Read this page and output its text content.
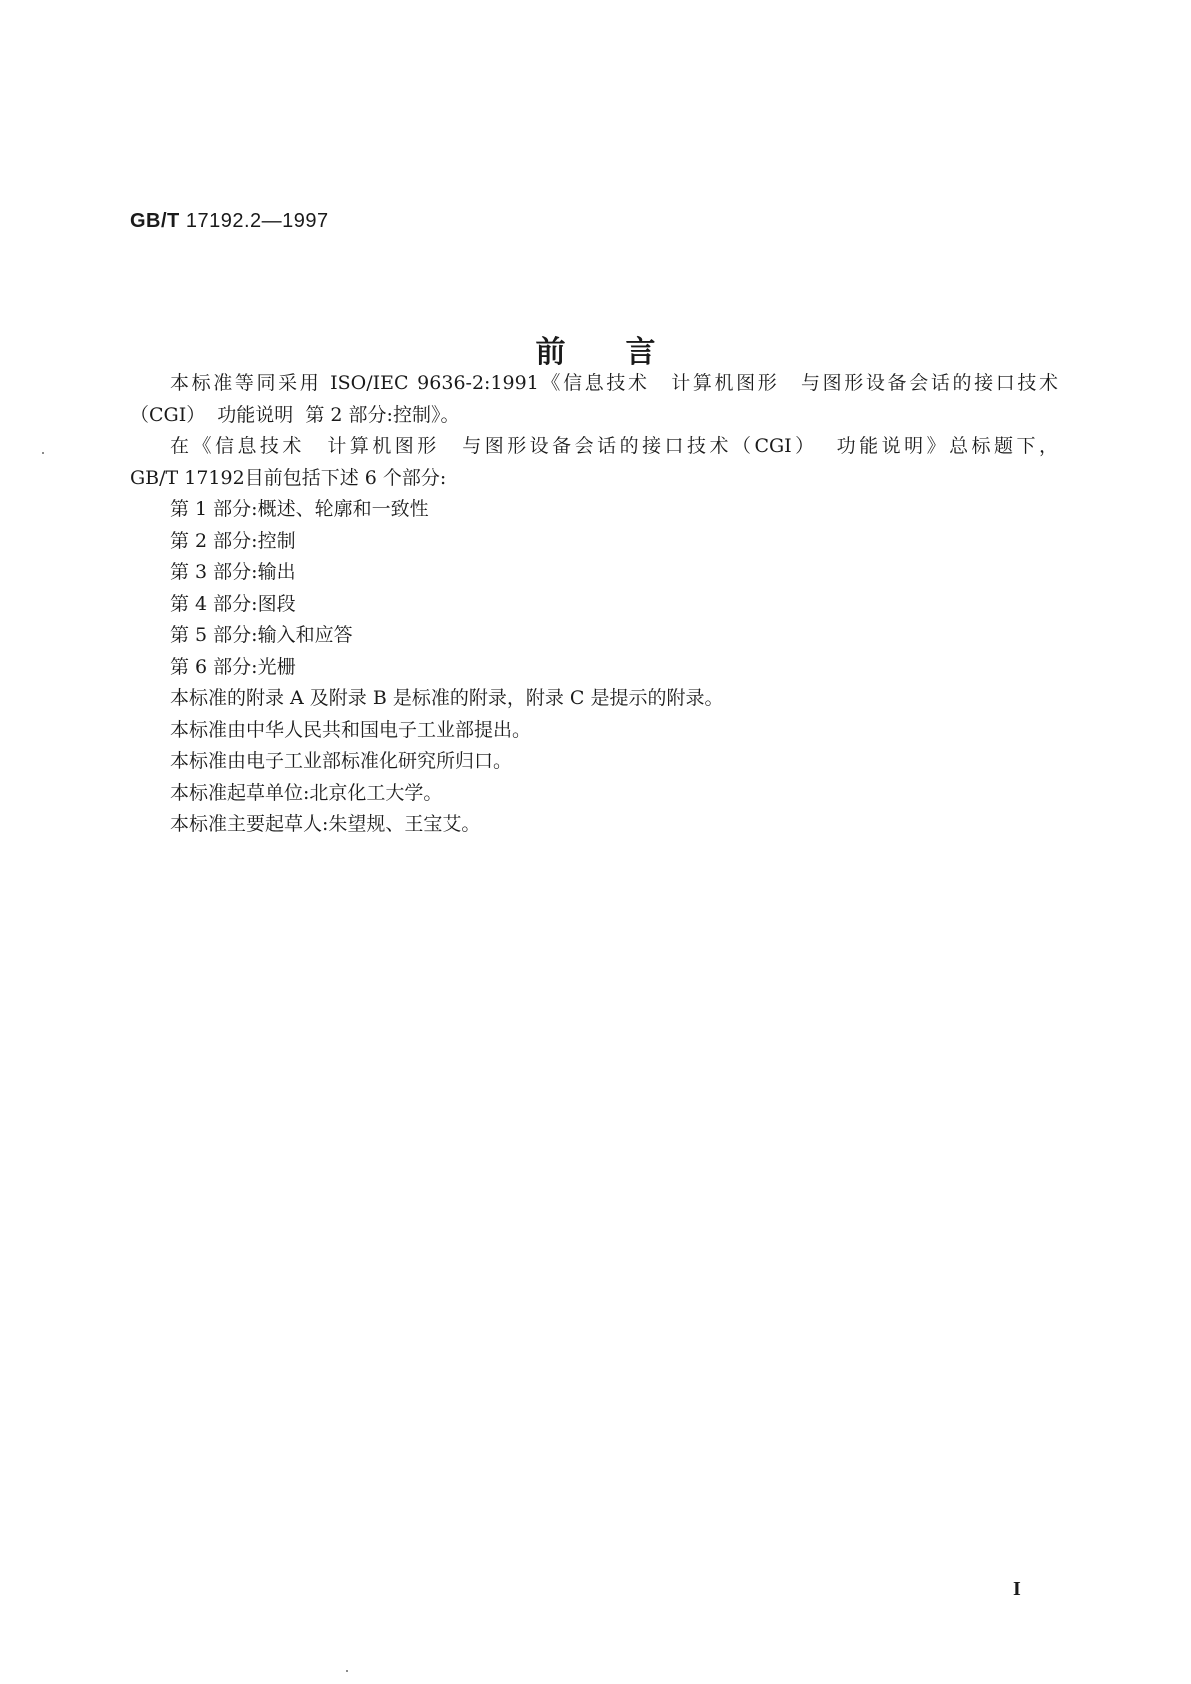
GB/T 17192.2—1997
前　　言
本标准等同采用 ISO/IEC 9636-2:1991《信息技术　计算机图形　与图形设备会话的接口技术
（CGI）  功能说明  第 2 部分:控制》。
在《信息技术　计算机图形　与图形设备会话的接口技术（CGI）  功能说明》总标题下，
GB/T 17192目前包括下述 6 个部分:
第 1 部分:概述、轮廓和一致性
第 2 部分:控制
第 3 部分:输出
第 4 部分:图段
第 5 部分:输入和应答
第 6 部分:光栅
本标准的附录 A 及附录 B 是标准的附录，附录 C 是提示的附录。
本标准由中华人民共和国电子工业部提出。
本标准由电子工业部标准化研究所归口。
本标准起草单位:北京化工大学。
本标准主要起草人:朱望规、王宝艾。
I
